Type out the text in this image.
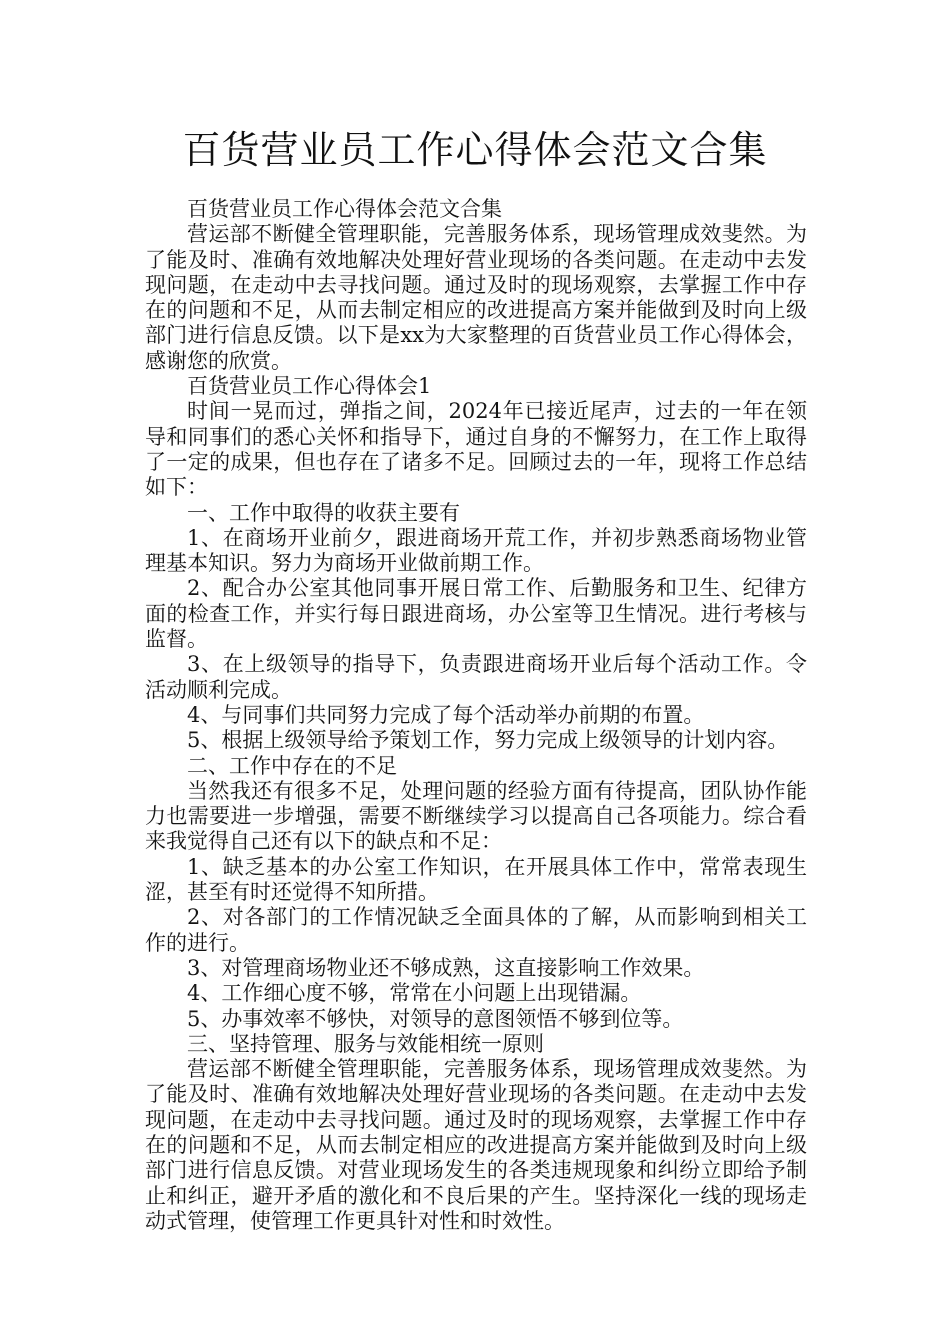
百货营业员工作心得体会范文合集

百货营业员工作心得体会范文合集

营运部不断健全管理职能，完善服务体系，现场管理成效斐然。为了能及时、准确有效地解决处理好营业现场的各类问题。在走动中去发现问题，在走动中去寻找问题。通过及时的现场观察，去掌握工作中存在的问题和不足，从而去制定相应的改进提高方案并能做到及时向上级部门进行信息反馈。以下是xx为大家整理的百货营业员工作心得体会，感谢您的欣赏。

百货营业员工作心得体会1

时间一晃而过，弹指之间，2024年已接近尾声，过去的一年在领导和同事们的悉心关怀和指导下，通过自身的不懈努力，在工作上取得了一定的成果，但也存在了诸多不足。回顾过去的一年，现将工作总结如下：

一、工作中取得的收获主要有

1、在商场开业前夕，跟进商场开荒工作，并初步熟悉商场物业管理基本知识。努力为商场开业做前期工作。

2、配合办公室其他同事开展日常工作、后勤服务和卫生、纪律方面的检查工作，并实行每日跟进商场，办公室等卫生情况。进行考核与监督。

3、在上级领导的指导下，负责跟进商场开业后每个活动工作。令活动顺利完成。

4、与同事们共同努力完成了每个活动举办前期的布置。

5、根据上级领导给予策划工作，努力完成上级领导的计划内容。

二、工作中存在的不足

当然我还有很多不足，处理问题的经验方面有待提高，团队协作能力也需要进一步增强，需要不断继续学习以提高自己各项能力。综合看来我觉得自己还有以下的缺点和不足：

1、缺乏基本的办公室工作知识，在开展具体工作中，常常表现生涩，甚至有时还觉得不知所措。

2、对各部门的工作情况缺乏全面具体的了解，从而影响到相关工作的进行。

3、对管理商场物业还不够成熟，这直接影响工作效果。

4、工作细心度不够，常常在小问题上出现错漏。

5、办事效率不够快，对领导的意图领悟不够到位等。

三、坚持管理、服务与效能相统一原则

营运部不断健全管理职能，完善服务体系，现场管理成效斐然。为了能及时、准确有效地解决处理好营业现场的各类问题。在走动中去发现问题，在走动中去寻找问题。通过及时的现场观察，去掌握工作中存在的问题和不足，从而去制定相应的改进提高方案并能做到及时向上级部门进行信息反馈。对营业现场发生的各类违规现象和纠纷立即给予制止和纠正，避开矛盾的激化和不良后果的产生。坚持深化一线的现场走动式管理，使管理工作更具针对性和时效性。
